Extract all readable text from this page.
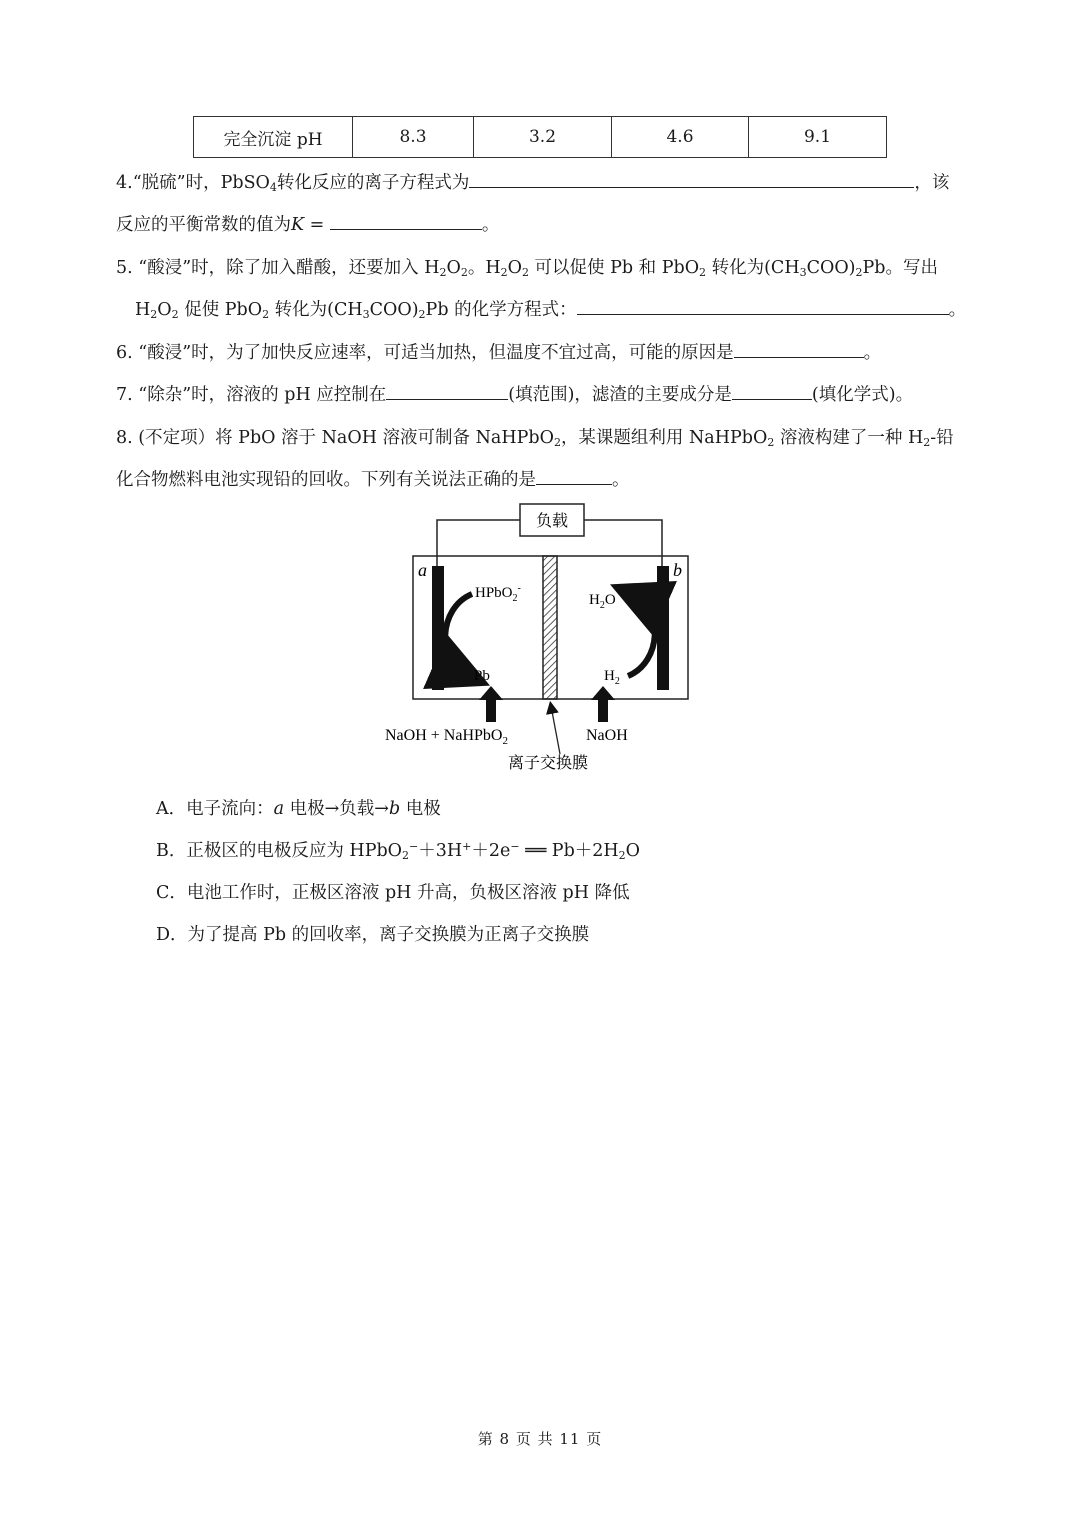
完全沉淀 pH	8.3	3.2	4.6	9.1
4.“脱硫”时，PbSO$_4$转化反应的离子方程式为	，该
反应的平衡常数的值为K =	。
5. “酸浸”时，除了加入醋酸，还要加入 $H_2O_2$。$H_2O_2$ 可以促使 Pb 和 PbO$_2$ 转化为$(CH_3COO)_2Pb$。写出
$H_2O_2$ 促使 PbO$_2$ 转化为$(CH_3COO)_2Pb$ 的化学方程式：	。
6. “酸浸”时，为了加快反应速率，可适当加热，但温度不宜过高，可能的原因是	。
7. “除杂”时，溶液的 pH 应控制在	(填范围)，滤渣的主要成分是	(填化学式)。
8. (不定项）将 PbO 溶于 NaOH 溶液可制备 NaHPbO$_2$，某课题组利用 NaHPbO$_2$ 溶液构建了一种 $H_2-$铅
化合物燃料电池实现铅的回收。下列有关说法正确的是	。
负载
a	b
HPbO$_2$-
Pb
$H_2O$
$H_2$
NaOH + NaHPbO$_2$	NaOH
离子交换膜
A．电子流向：a 电极→负载→b 电极
B．正极区的电极反应为 HPbO$_2$−＋3H+＋2e− ══ $Pb+2H_2O$
C．电池工作时，正极区溶液 pH 升高，负极区溶液 pH 降低
D．为了提高 Pb 的回收率，离子交换膜为正离子交换膜
第 8 页 共 11 页
